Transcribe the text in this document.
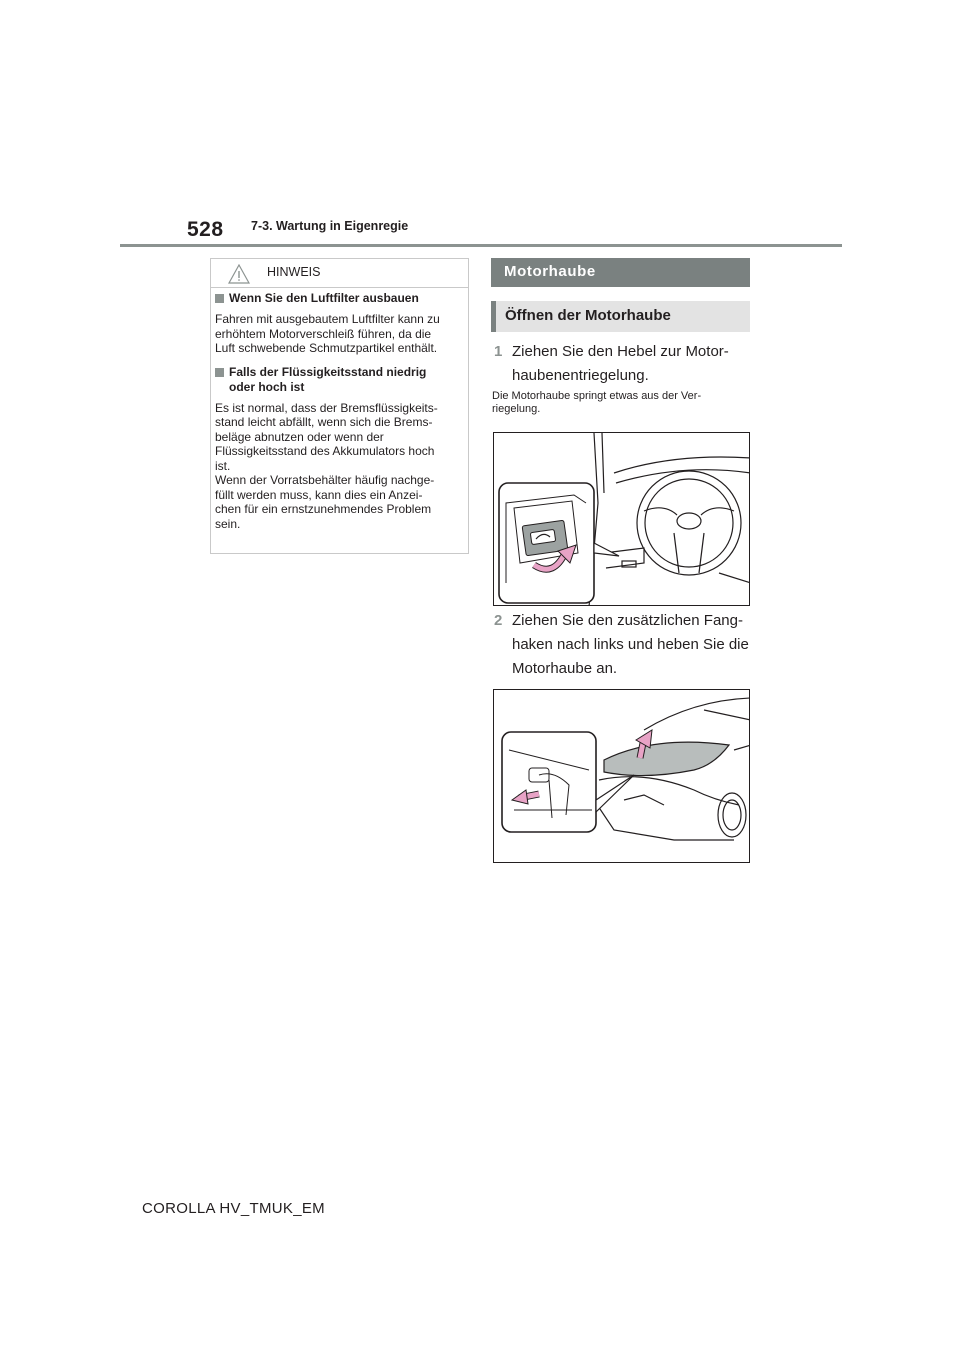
528 7-3. Wartung in Eigenregie
HINWEIS
Wenn Sie den Luftfilter ausbauen
Fahren mit ausgebautem Luftfilter kann zu
erhöhtem Motorverschleiß führen, da die
Luft schwebende Schmutzpartikel enthält.
Falls der Flüssigkeitsstand niedrig
oder hoch ist
Es ist normal, dass der Bremsflüssigkeits-
stand leicht abfällt, wenn sich die Brems-
beläge abnutzen oder wenn der
Flüssigkeitsstand des Akkumulators hoch
ist.
Wenn der Vorratsbehälter häufig nachge-
füllt werden muss, kann dies ein Anzei-
chen für ein ernstzunehmendes Problem
sein.
Motorhaube
Öffnen der Motorhaube
1 Ziehen Sie den Hebel zur Motor-
haubenentriegelung.
Die Motorhaube springt etwas aus der Ver-
riegelung.
2 Ziehen Sie den zusätzlichen Fang-
haken nach links und heben Sie die
Motorhaube an.
COROLLA HV_TMUK_EM
